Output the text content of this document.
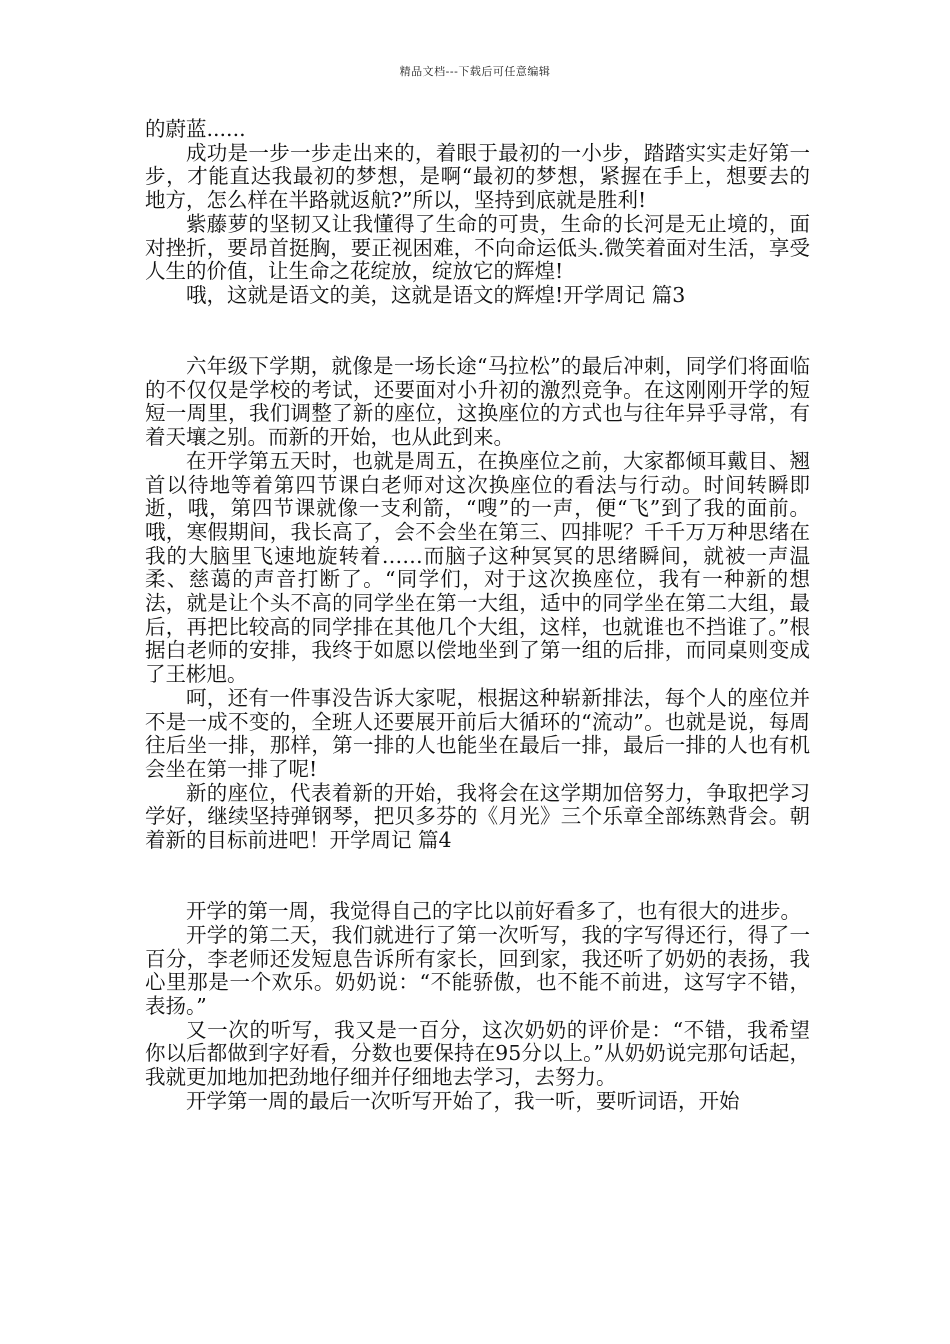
精品文档---下载后可任意编辑

的蔚蓝......

成功是一步一步走出来的，着眼于最初的一小步，踏踏实实走好第一步，才能直达我最初的梦想，是啊“最初的梦想，紧握在手上，想要去的地方，怎么样在半路就返航?”所以，坚持到底就是胜利!

紫藤萝的坚韧又让我懂得了生命的可贵，生命的长河是无止境的，面对挫折，要昂首挺胸，要正视困难，不向命运低头.微笑着面对生活，享受人生的价值，让生命之花绽放，绽放它的辉煌!

哦，这就是语文的美，这就是语文的辉煌!开学周记 篇3

六年级下学期，就像是一场长途“马拉松”的最后冲刺，同学们将面临的不仅仅是学校的考试，还要面对小升初的激烈竞争。在这刚刚开学的短短一周里，我们调整了新的座位，这换座位的方式也与往年异乎寻常，有着天壤之别。而新的开始，也从此到来。

在开学第五天时，也就是周五，在换座位之前，大家都倾耳戴目、翘首以待地等着第四节课白老师对这次换座位的看法与行动。时间转瞬即逝，哦，第四节课就像一支利箭，“嗖”的一声，便“飞”到了我的面前。哦，寒假期间，我长高了，会不会坐在第三、四排呢？千千万万种思绪在我的大脑里飞速地旋转着……而脑子这种冥冥的思绪瞬间，就被一声温柔、慈蔼的声音打断了。“同学们，对于这次换座位，我有一种新的想法，就是让个头不高的同学坐在第一大组，适中的同学坐在第二大组，最后，再把比较高的同学排在其他几个大组，这样，也就谁也不挡谁了。”根据白老师的安排，我终于如愿以偿地坐到了第一组的后排，而同桌则变成了王彬旭。

呵，还有一件事没告诉大家呢，根据这种崭新排法，每个人的座位并不是一成不变的，全班人还要展开前后大循环的“流动”。也就是说，每周往后坐一排，那样，第一排的人也能坐在最后一排，最后一排的人也有机会坐在第一排了呢!

新的座位，代表着新的开始，我将会在这学期加倍努力，争取把学习学好，继续坚持弹钢琴，把贝多芬的《月光》三个乐章全部练熟背会。朝着新的目标前进吧！开学周记 篇4

开学的第一周，我觉得自己的字比以前好看多了，也有很大的进步。

开学的第二天，我们就进行了第一次听写，我的字写得还行，得了一百分，李老师还发短息告诉所有家长，回到家，我还听了奶奶的表扬，我心里那是一个欢乐。奶奶说：“不能骄傲，也不能不前进，这写字不错，表扬。”

又一次的听写，我又是一百分，这次奶奶的评价是：“不错，我希望你以后都做到字好看，分数也要保持在95分以上。”从奶奶说完那句话起，我就更加地加把劲地仔细并仔细地去学习，去努力。

开学第一周的最后一次听写开始了，我一听，要听词语，开始
